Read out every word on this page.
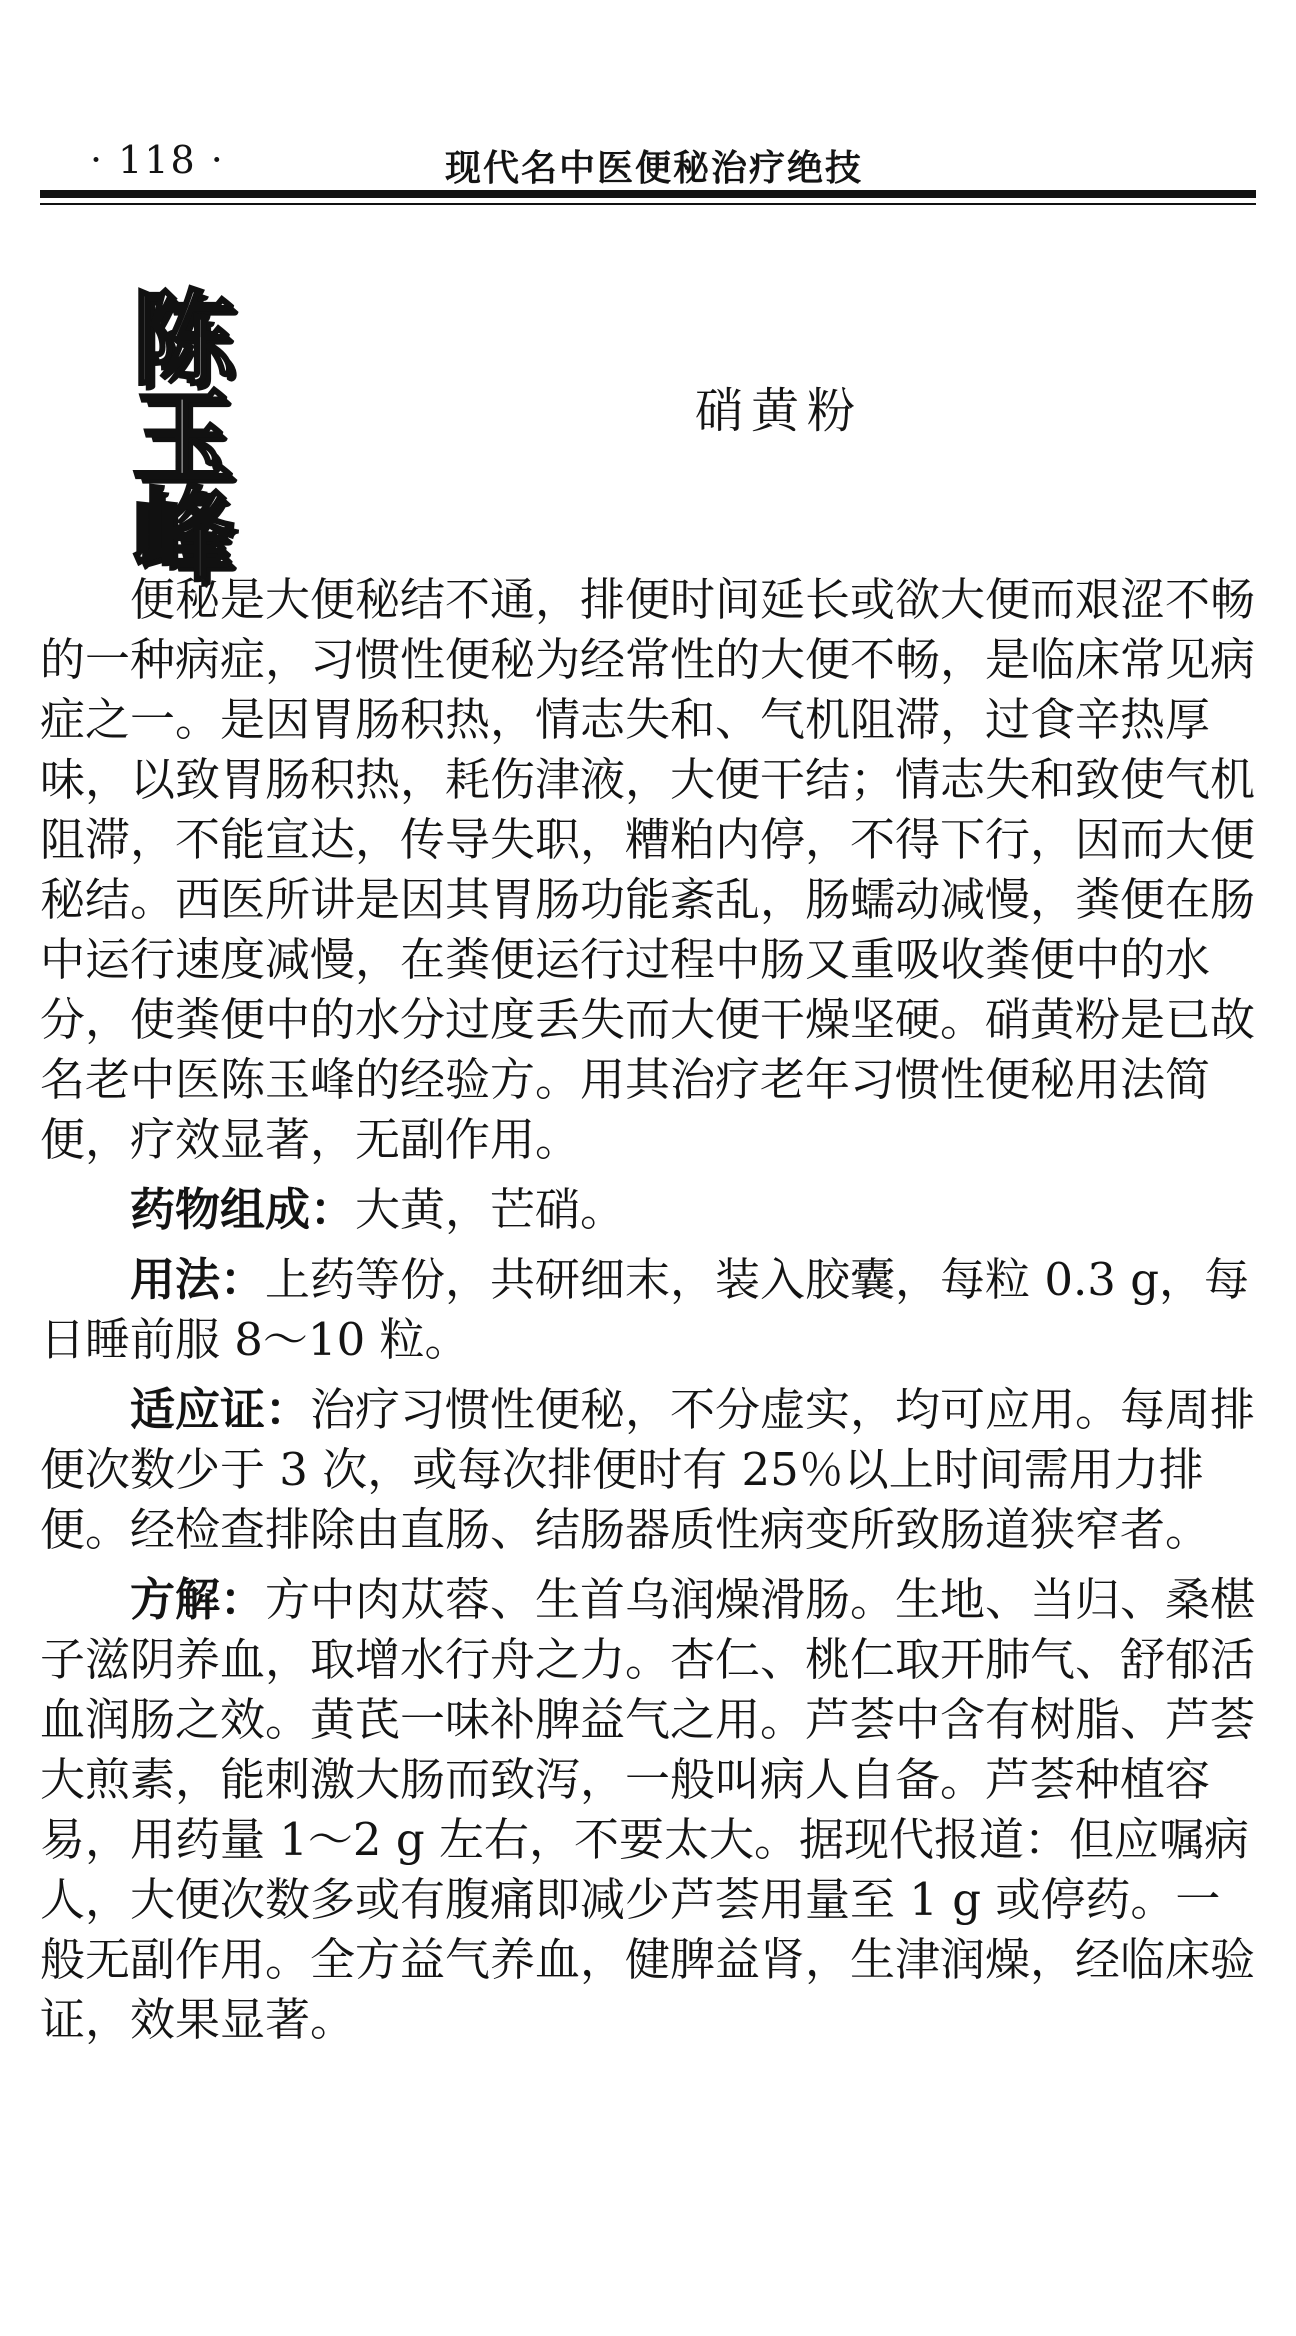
· 118 ·	现代名中医便秘治疗绝技
陈
玉
峰
硝黄粉

便秘是大便秘结不通，排便时间延长或欲大便而艰涩不畅的一种病症，习惯性便秘为经常性的大便不畅，是临床常见病症之一。是因胃肠积热，情志失和、气机阻滞，过食辛热厚味，以致胃肠积热，耗伤津液，大便干结；情志失和致使气机阻滞，不能宣达，传导失职，糟粕内停，不得下行，因而大便秘结。西医所讲是因其胃肠功能紊乱，肠蠕动减慢，粪便在肠中运行速度减慢，在粪便运行过程中肠又重吸收粪便中的水分，使粪便中的水分过度丢失而大便干燥坚硬。硝黄粉是已故名老中医陈玉峰的经验方。用其治疗老年习惯性便秘用法简便，疗效显著，无副作用。

药物组成：大黄，芒硝。

用法：上药等份，共研细末，装入胶囊，每粒 0.3 g，每日睡前服 8～10 粒。

适应证：治疗习惯性便秘，不分虚实，均可应用。每周排便次数少于 3 次，或每次排便时有 25％以上时间需用力排便。经检查排除由直肠、结肠器质性病变所致肠道狭窄者。

方解：方中肉苁蓉、生首乌润燥滑肠。生地、当归、桑椹子滋阴养血，取增水行舟之力。杏仁、桃仁取开肺气、舒郁活血润肠之效。黄芪一味补脾益气之用。芦荟中含有树脂、芦荟大煎素，能刺激大肠而致泻，一般叫病人自备。芦荟种植容易，用药量 1～2 g 左右，不要太大。据现代报道：但应嘱病人，大便次数多或有腹痛即减少芦荟用量至 1 g 或停药。一般无副作用。全方益气养血，健脾益肾，生津润燥，经临床验证，效果显著。
